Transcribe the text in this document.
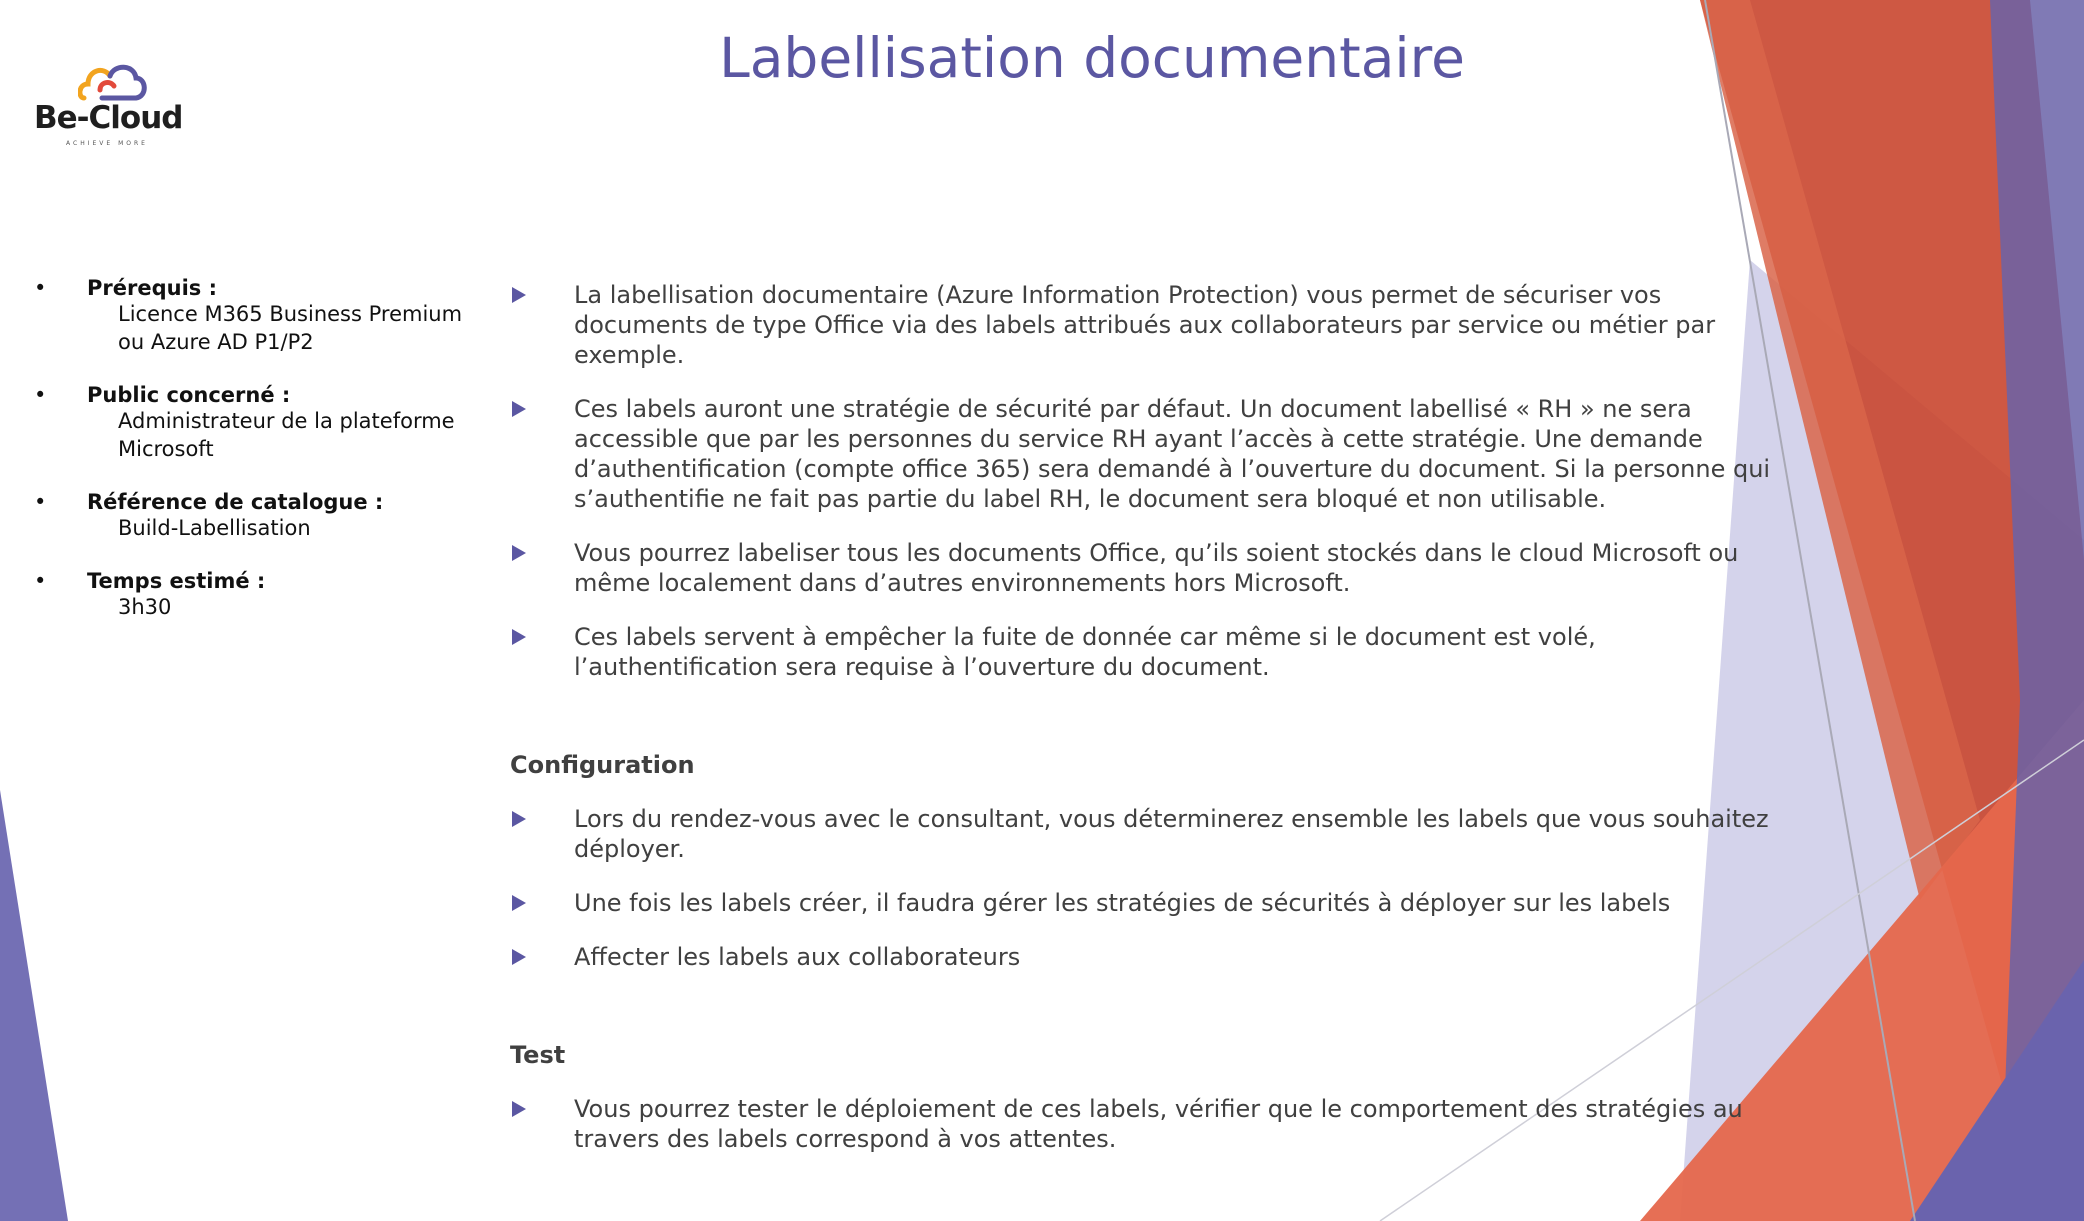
Be-Cloud
ACHIEVE MORE
Labellisation documentaire
• Prérequis :
Licence M365 Business Premium ou Azure AD P1/P2
• Public concerné :
Administrateur de la plateforme Microsoft
• Référence de catalogue :
Build-Labellisation
• Temps estimé :
3h30
La labellisation documentaire (Azure Information Protection) vous permet de sécuriser vos documents de type Office via des labels attribués aux collaborateurs par service ou métier par exemple.
Ces labels auront une stratégie de sécurité par défaut. Un document labellisé « RH » ne sera accessible que par les personnes du service RH ayant l’accès à cette stratégie. Une demande d’authentification (compte office 365) sera demandé à l’ouverture du document. Si la personne qui s’authentifie ne fait pas partie du label RH, le document sera bloqué et non utilisable.
Vous pourrez labeliser tous les documents Office, qu’ils soient stockés dans le cloud Microsoft ou même localement dans d’autres environnements hors Microsoft.
Ces labels servent à empêcher la fuite de donnée car même si le document est volé, l’authentification sera requise à l’ouverture du document.
Configuration
Lors du rendez-vous avec le consultant, vous déterminerez ensemble les labels que vous souhaitez déployer.
Une fois les labels créer, il faudra gérer les stratégies de sécurités à déployer sur les labels
Affecter les labels aux collaborateurs
Test
Vous pourrez tester le déploiement de ces labels, vérifier que le comportement des stratégies au travers des labels correspond à vos attentes.
